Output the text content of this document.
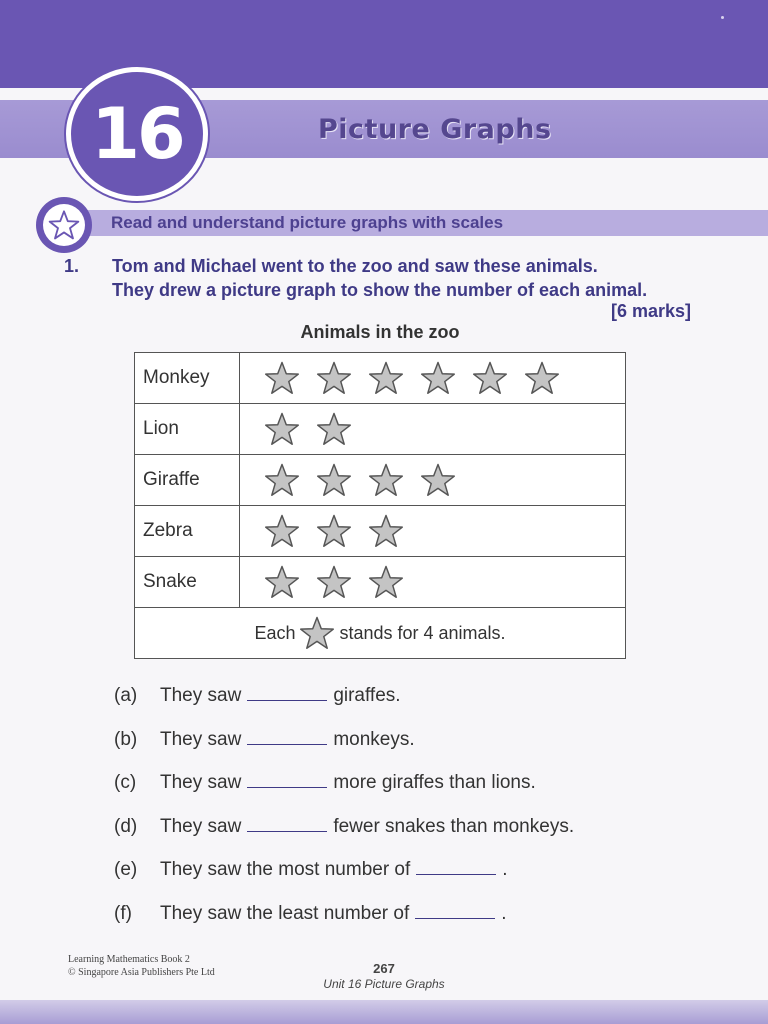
Picture Graphs
16
Read and understand picture graphs with scales
1. Tom and Michael went to the zoo and saw these animals.
They drew a picture graph to show the number of each animal.
[6 marks]
Animals in the zoo
Monkey
Lion
Giraffe
Zebra
Snake
Each stands for 4 animals.
(a)	They saw	giraffes.
(b)	They saw	monkeys.
(c)	They saw	more giraffes than lions.
(d)	They saw	fewer snakes than monkeys.
(e)	They saw the most number of	.
(f)	They saw the least number of	.
Learning Mathematics Book 2
© Singapore Asia Publishers Pte Ltd	267
Unit 16 Picture Graphs
